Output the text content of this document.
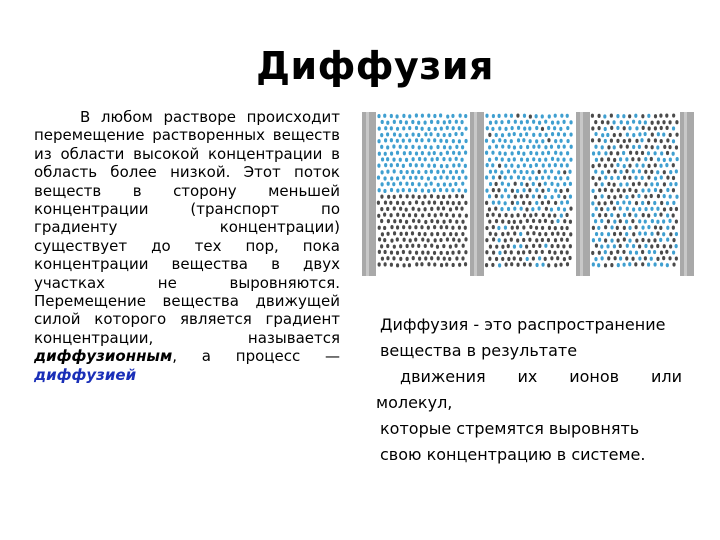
Диффузия
В любом растворе происходит перемещение растворенных веществ из области высокой концентрации в область более низкой. Этот поток веществ в сторону меньшей концентрации (транспорт по градиенту концентрации) существует до тех пор, пока концентрации вещества в двух участках не выровняются. Перемещение вещества движущей силой которого является градиент концентрации, называется диффузионным, а процесс — диффузией
Диффузия - это распространение
вещества в результате
движения их ионов или
молекул,
которые стремятся выровнять
свою концентрацию в системе.
